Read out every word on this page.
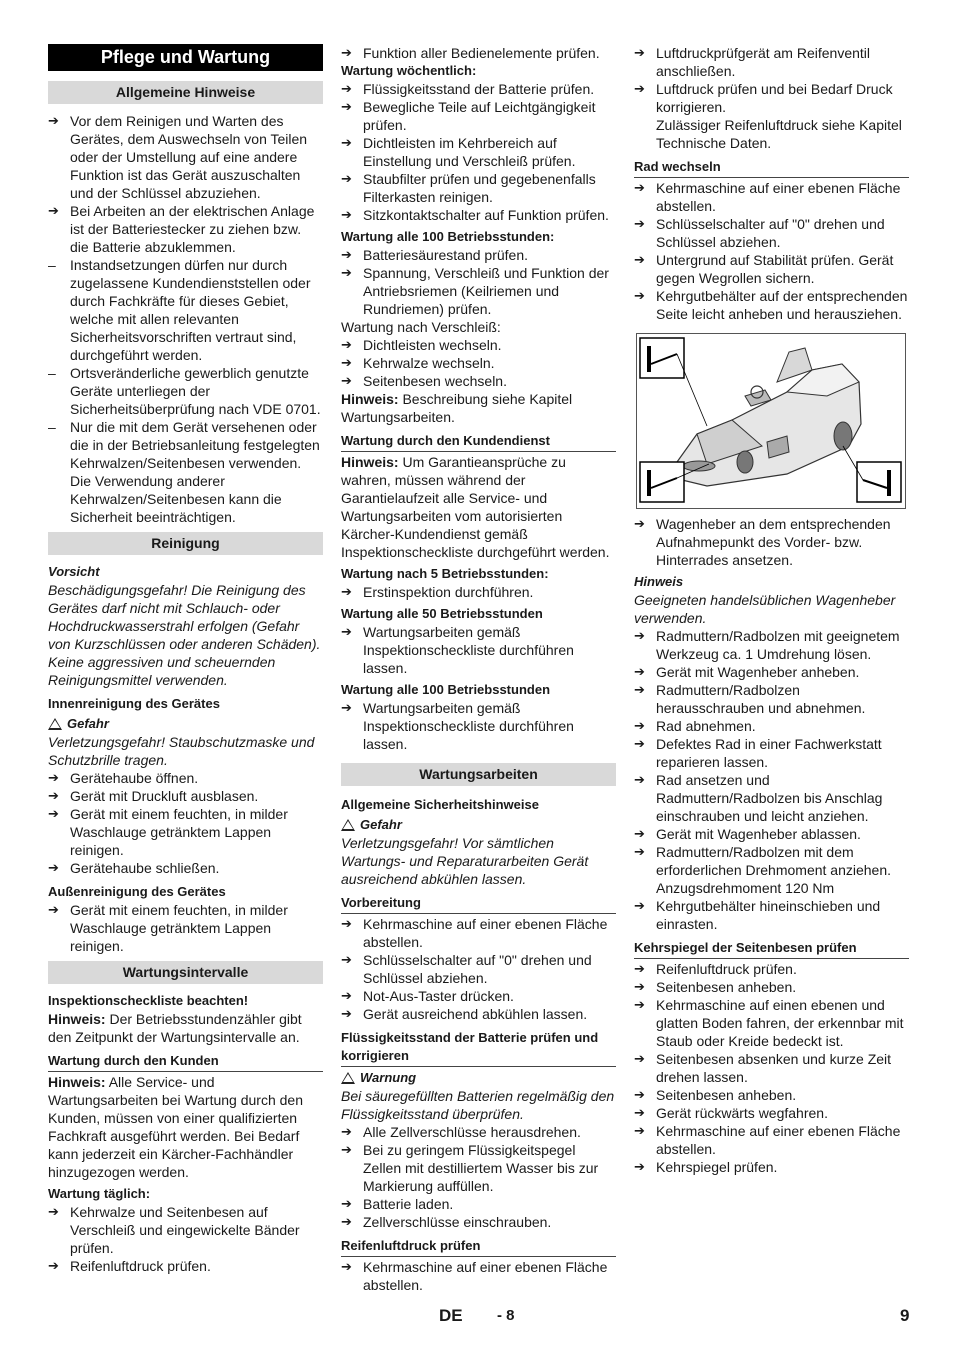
Pflege und Wartung
Allgemeine Hinweise
➔ Vor dem Reinigen und Warten des Gerätes, dem Auswechseln von Teilen oder der Umstellung auf eine andere Funktion ist das Gerät auszuschalten und der Schlüssel abzuziehen.
➔ Bei Arbeiten an der elektrischen Anlage ist der Batteriestecker zu ziehen bzw. die Batterie abzuklemmen.
–	Instandsetzungen dürfen nur durch zugelassene Kundendienststellen oder durch Fachkräfte für dieses Gebiet, welche mit allen relevanten Sicherheitsvorschriften vertraut sind, durchgeführt werden.
–	Ortsveränderliche gewerblich genutzte Geräte unterliegen der Sicherheitsüberprüfung nach VDE 0701.
–	Nur die mit dem Gerät versehenen oder die in der Betriebsanleitung festgelegten Kehrwalzen/Seitenbesen verwenden. Die Verwendung anderer Kehrwalzen/Seitenbesen kann die Sicherheit beeinträchtigen.
Reinigung
Vorsicht

Beschädigungsgefahr! Die Reinigung des Gerätes darf nicht mit Schlauch- oder Hochdruckwasserstrahl erfolgen (Gefahr von Kurzschlüssen oder anderen Schäden).

Keine aggressiven und scheuernden Reinigungsmittel verwenden.

Innenreinigung des Gerätes
Gefahr

Verletzungsgefahr! Staubschutzmaske und Schutzbrille tragen.

➔ Gerätehaube öffnen.
➔ Gerät mit Druckluft ausblasen.
➔ Gerät mit einem feuchten, in milder Waschlauge getränktem Lappen reinigen.
➔ Gerätehaube schließen.
Außenreinigung des Gerätes
➔ Gerät mit einem feuchten, in milder Waschlauge getränktem Lappen reinigen.
Wartungsintervalle
Inspektionscheckliste beachten!

Hinweis: Der Betriebsstundenzähler gibt den Zeitpunkt der Wartungsintervalle an.

Wartung durch den Kunden

Hinweis: Alle Service- und Wartungsarbeiten bei Wartung durch den Kunden, müssen von einer qualifizierten Fachkraft ausgeführt werden. Bei Bedarf kann jederzeit ein Kärcher-Fachhändler hinzugezogen werden.

Wartung täglich:
➔ Kehrwalze und Seitenbesen auf Verschleiß und eingewickelte Bänder prüfen.
➔ Reifenluftdruck prüfen.
➔ Funktion aller Bedienelemente prüfen.
Wartung wöchentlich:
➔ Flüssigkeitsstand der Batterie prüfen.
➔ Bewegliche Teile auf Leichtgängigkeit prüfen.
➔ Dichtleisten im Kehrbereich auf Einstellung und Verschleiß prüfen.
➔ Staubfilter prüfen und gegebenenfalls Filterkasten reinigen.
➔ Sitzkontaktschalter auf Funktion prüfen.
Wartung alle 100 Betriebsstunden:
➔ Batteriesäurestand prüfen.
➔ Spannung, Verschleiß und Funktion der Antriebsriemen (Keilriemen und Rundriemen) prüfen.

Wartung nach Verschleiß:

➔ Dichtleisten wechseln.
➔ Kehrwalze wechseln.
➔ Seitenbesen wechseln.

Hinweis: Beschreibung siehe Kapitel Wartungsarbeiten.

Wartung durch den Kundendienst

Hinweis: Um Garantieansprüche zu wahren, müssen während der Garantielaufzeit alle Service- und Wartungsarbeiten vom autorisierten Kärcher-Kundendienst gemäß Inspektionscheckliste durchgeführt werden.

Wartung nach 5 Betriebsstunden:
➔ Erstinspektion durchführen.
Wartung alle 50 Betriebsstunden
➔ Wartungsarbeiten gemäß Inspektionscheckliste durchführen lassen.
Wartung alle 100 Betriebsstunden
➔ Wartungsarbeiten gemäß Inspektionscheckliste durchführen lassen.
Wartungsarbeiten
Allgemeine Sicherheitshinweise
Gefahr

Verletzungsgefahr! Vor sämtlichen Wartungs- und Reparaturarbeiten Gerät ausreichend abkühlen lassen.

Vorbereitung
➔ Kehrmaschine auf einer ebenen Fläche abstellen.
➔ Schlüsselschalter auf "0" drehen und Schlüssel abziehen.
➔ Not-Aus-Taster drücken.
➔ Gerät ausreichend abkühlen lassen.
Flüssigkeitsstand der Batterie prüfen und korrigieren
Warnung

Bei säuregefüllten Batterien regelmäßig den Flüssigkeitsstand überprüfen.

➔ Alle Zellverschlüsse herausdrehen.
➔ Bei zu geringem Flüssigkeitspegel Zellen mit destilliertem Wasser bis zur Markierung auffüllen.
➔ Batterie laden.
➔ Zellverschlüsse einschrauben.
Reifenluftdruck prüfen
➔ Kehrmaschine auf einer ebenen Fläche abstellen.
➔ Luftdruckprüfgerät am Reifenventil anschließen.
➔ Luftdruck prüfen und bei Bedarf Druck korrigieren.

Zulässiger Reifenluftdruck siehe Kapitel Technische Daten.

Rad wechseln
➔ Kehrmaschine auf einer ebenen Fläche abstellen.
➔ Schlüsselschalter auf "0" drehen und Schlüssel abziehen.
➔ Untergrund auf Stabilität prüfen. Gerät gegen Wegrollen sichern.
➔ Kehrgutbehälter auf der entsprechenden Seite leicht anheben und herausziehen.
➔ Wagenheber an dem entsprechenden Aufnahmepunkt des Vorder- bzw. Hinterrades ansetzen.
Hinweis

Geeigneten handelsüblichen Wagenheber verwenden.

➔ Radmuttern/Radbolzen mit geeignetem Werkzeug ca. 1 Umdrehung lösen.
➔ Gerät mit Wagenheber anheben.
➔ Radmuttern/Radbolzen herausschrauben und abnehmen.
➔ Rad abnehmen.
➔ Defektes Rad in einer Fachwerkstatt reparieren lassen.
➔ Rad ansetzen und Radmuttern/Radbolzen bis Anschlag einschrauben und leicht anziehen.
➔ Gerät mit Wagenheber ablassen.
➔ Radmuttern/Radbolzen mit dem erforderlichen Drehmoment anziehen.

Anzugsdrehmoment 120 Nm

➔ Kehrgutbehälter hineinschieben und einrasten.
Kehrspiegel der Seitenbesen prüfen
➔ Reifenluftdruck prüfen.
➔ Seitenbesen anheben.
➔ Kehrmaschine auf einen ebenen und glatten Boden fahren, der erkennbar mit Staub oder Kreide bedeckt ist.
➔ Seitenbesen absenken und kurze Zeit drehen lassen.
➔ Seitenbesen anheben.
➔ Gerät rückwärts wegfahren.
➔ Kehrmaschine auf einer ebenen Fläche abstellen.
➔ Kehrspiegel prüfen.
DE - 8	9
